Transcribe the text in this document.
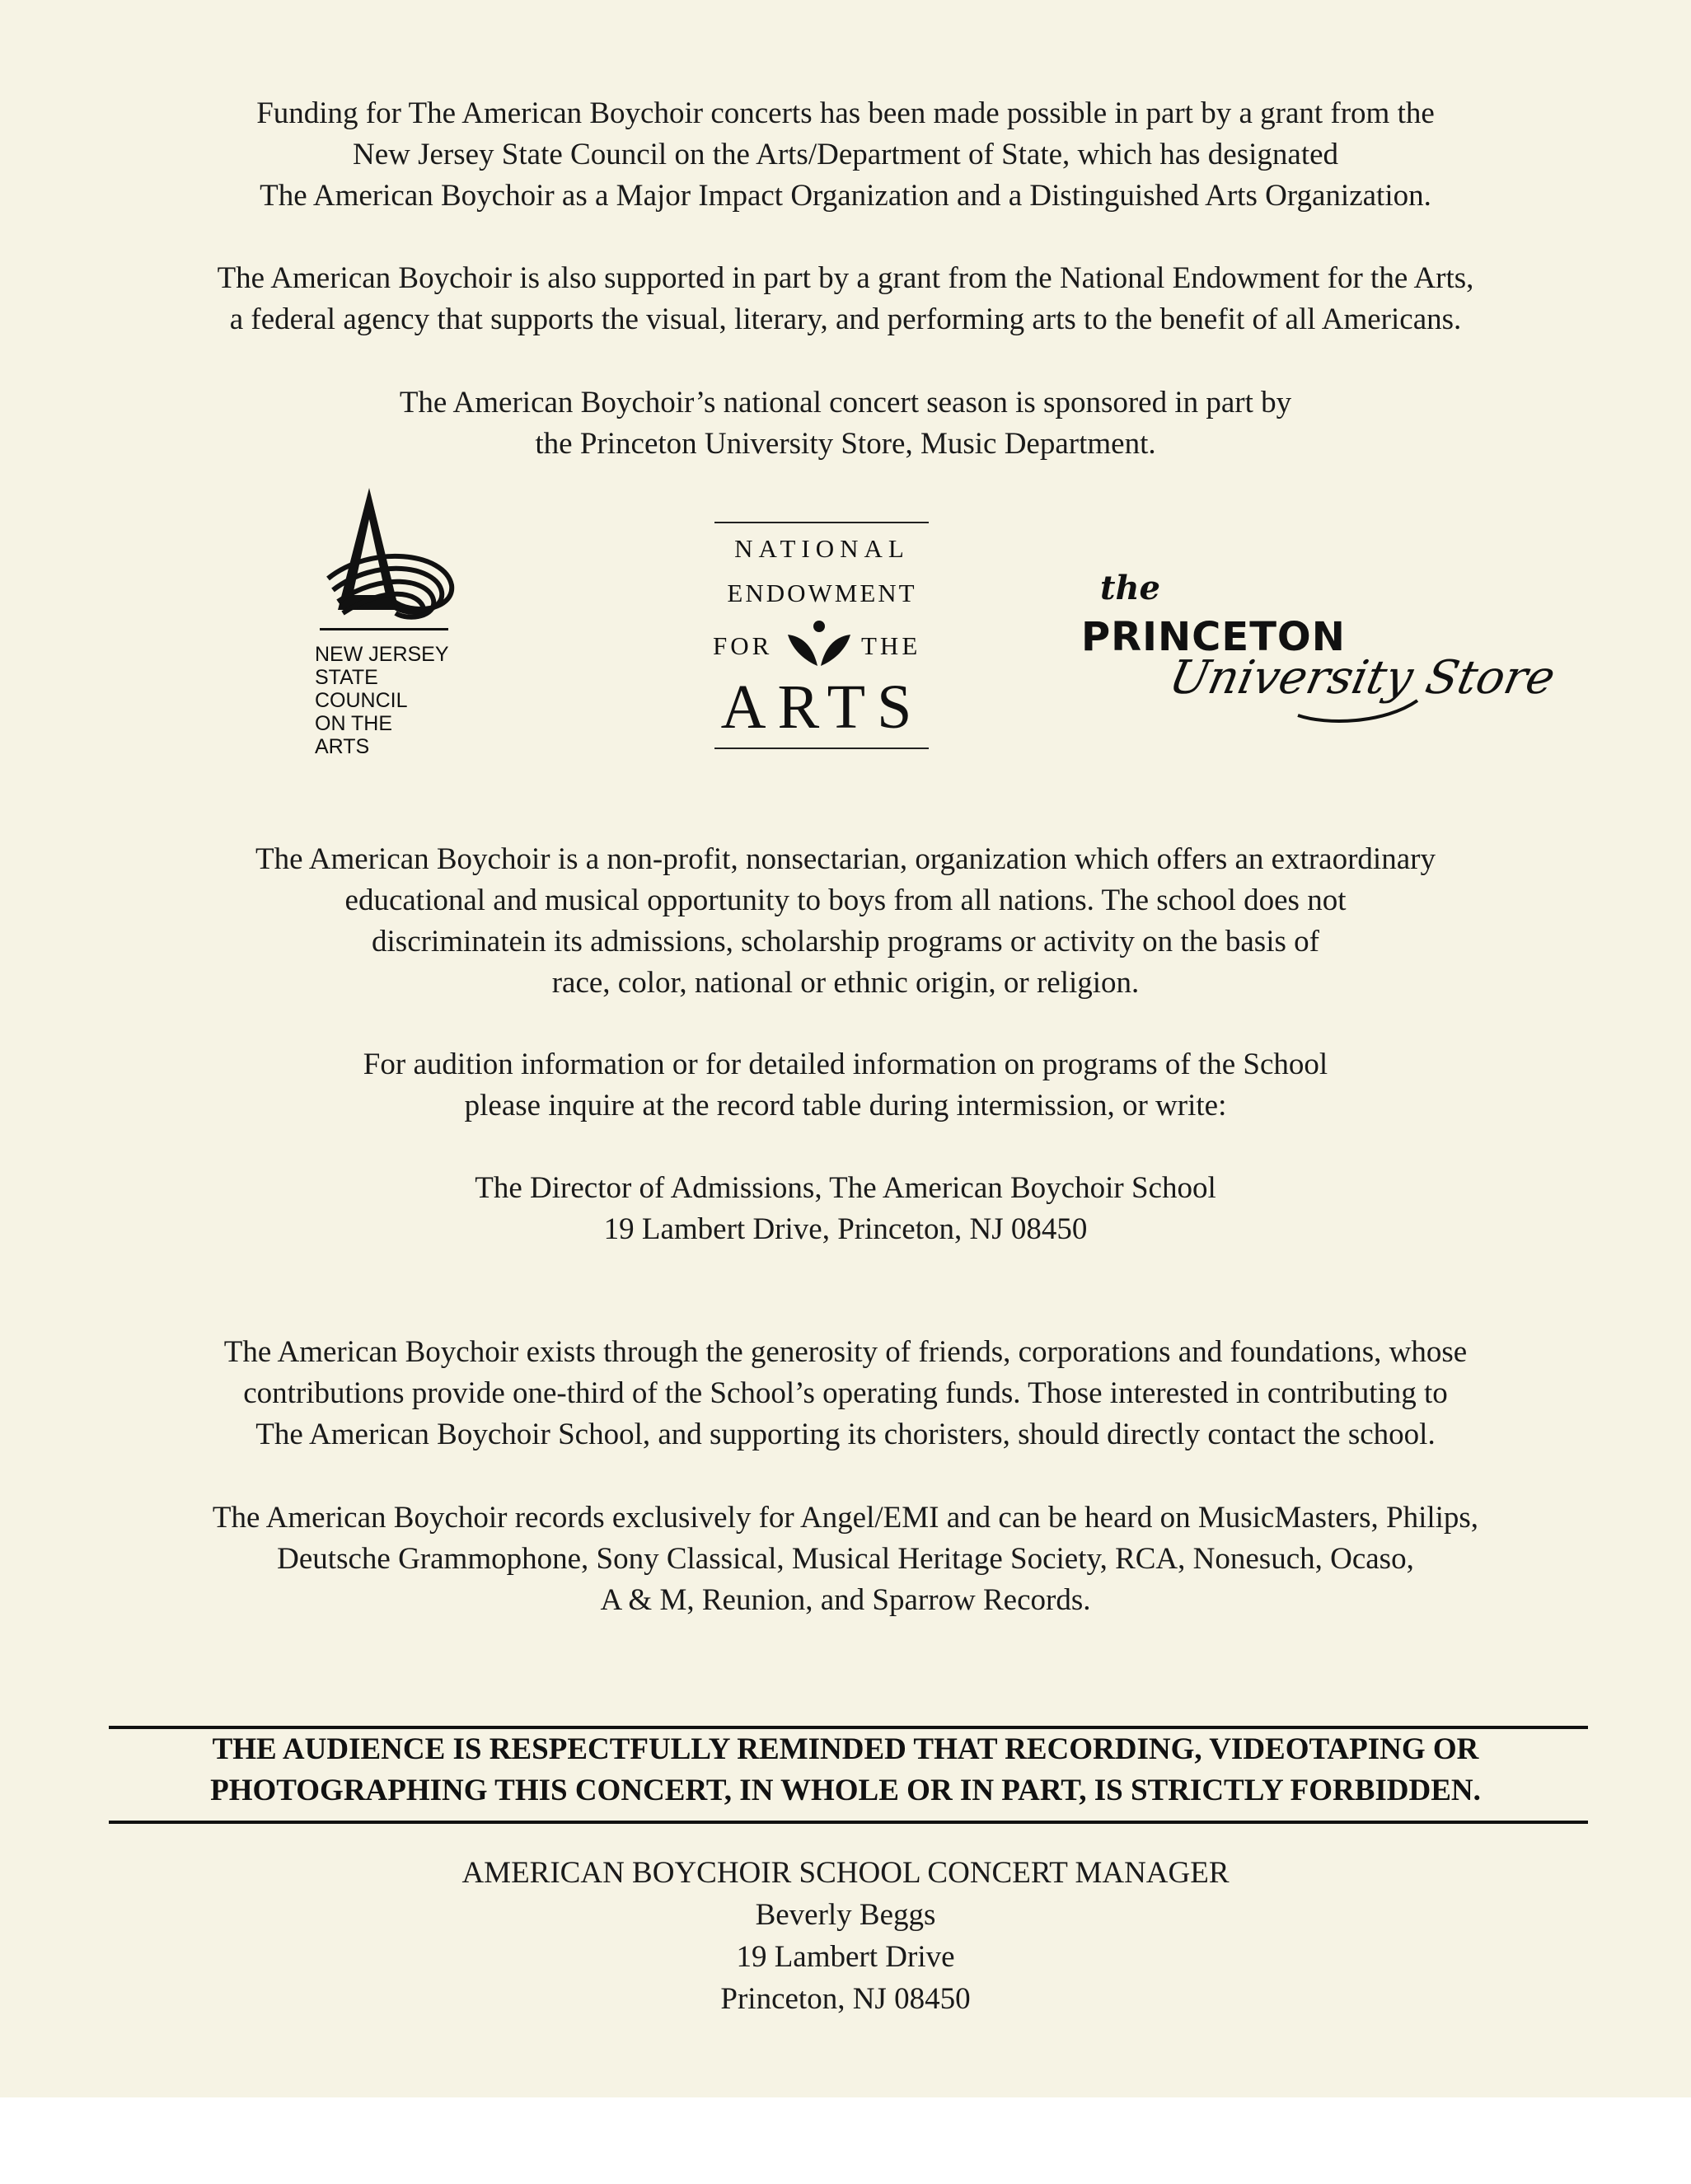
Funding for The American Boychoir concerts has been made possible in part by a grant from the
New Jersey State Council on the Arts/Department of State, which has designated
The American Boychoir as a Major Impact Organization and a Distinguished Arts Organization.
The American Boychoir is also supported in part by a grant from the National Endowment for the Arts,
a federal agency that supports the visual, literary, and performing arts to the benefit of all Americans.
The American Boychoir’s national concert season is sponsored in part by
the Princeton University Store, Music Department.
NEW JERSEY
STATE
COUNCIL
ON THE
ARTS
NATIONAL
ENDOWMENT
FOR	THE
ARTS
the
PRINCETON
University Store
The American Boychoir is a non-profit, nonsectarian, organization which offers an extraordinary
educational and musical opportunity to boys from all nations. The school does not
discriminatein its admissions, scholarship programs or activity on the basis of
race, color, national or ethnic origin, or religion.
For audition information or for detailed information on programs of the School
please inquire at the record table during intermission, or write:
The Director of Admissions, The American Boychoir School
19 Lambert Drive, Princeton, NJ 08450
The American Boychoir exists through the generosity of friends, corporations and foundations, whose
contributions provide one-third of the School’s operating funds. Those interested in contributing to
The American Boychoir School, and supporting its choristers, should directly contact the school.
The American Boychoir records exclusively for Angel/EMI and can be heard on MusicMasters, Philips,
Deutsche Grammophone, Sony Classical, Musical Heritage Society, RCA, Nonesuch, Ocaso,
A & M, Reunion, and Sparrow Records.
THE AUDIENCE IS RESPECTFULLY REMINDED THAT RECORDING, VIDEOTAPING OR
PHOTOGRAPHING THIS CONCERT, IN WHOLE OR IN PART, IS STRICTLY FORBIDDEN.
AMERICAN BOYCHOIR SCHOOL CONCERT MANAGER
Beverly Beggs
19 Lambert Drive
Princeton, NJ 08450
